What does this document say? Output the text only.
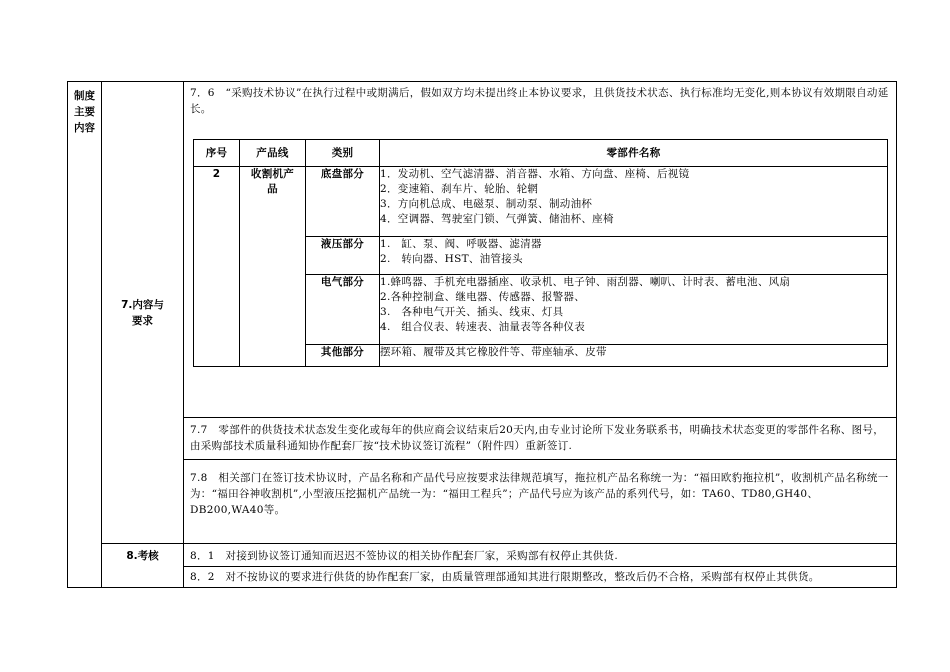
制度
主要
内容

7.内容与
要求

7．6　“采购技术协议”在执行过程中或期满后，假如双方均未提出终止本协议要求，且供货技术状态、执行标准均无变化,则本协议有效期限自动延长。
序号	产品线	类别	零部件名称
2	收割机产品	底盘部分	1．发动机、空气滤清器、消音器、水箱、方向盘、座椅、后视镜
2．变速箱、刹车片、轮胎、轮辋
3．方向机总成、电磁泵、制动泵、制动油杯
4．空调器、驾驶室门锁、气弹簧、储油杯、座椅

液压部分	1.　缸、泵、阀、呼吸器、滤清器
2.　转向器、HST、油管接头

电气部分	1.蜂鸣器、手机充电器插座、收录机、电子钟、雨刮器、喇叭、计时表、蓄电池、风扇
2.各种控制盒、继电器、传感器、报警器、
3.　各种电气开关、插头、线束、灯具
4.　组合仪表、转速表、油量表等各种仪表

其他部分	摆环箱、履带及其它橡胶件等、带座轴承、皮带

7.7　零部件的供货技术状态发生变化或每年的供应商会议结束后20天内,由专业讨论所下发业务联系书，明确技术状态变更的零部件名称、图号，由采购部技术质量科通知协作配套厂按“技术协议签订流程”（附件四）重新签订.

7.8　相关部门在签订技术协议时，产品名称和产品代号应按要求法律规范填写，拖拉机产品名称统一为：“福田欧豹拖拉机”，收割机产品名称统一为：“福田谷神收割机”,小型液压挖掘机产品统一为：“福田工程兵”；产品代号应为该产品的系列代号，如：TA60、TD80,GH40、DB200,WA40等。

8.考核	8．1　对接到协议签订通知而迟迟不签协议的相关协作配套厂家，采购部有权停止其供货.
8．2　对不按协议的要求进行供货的协作配套厂家，由质量管理部通知其进行限期整改，整改后仍不合格，采购部有权停止其供货。
